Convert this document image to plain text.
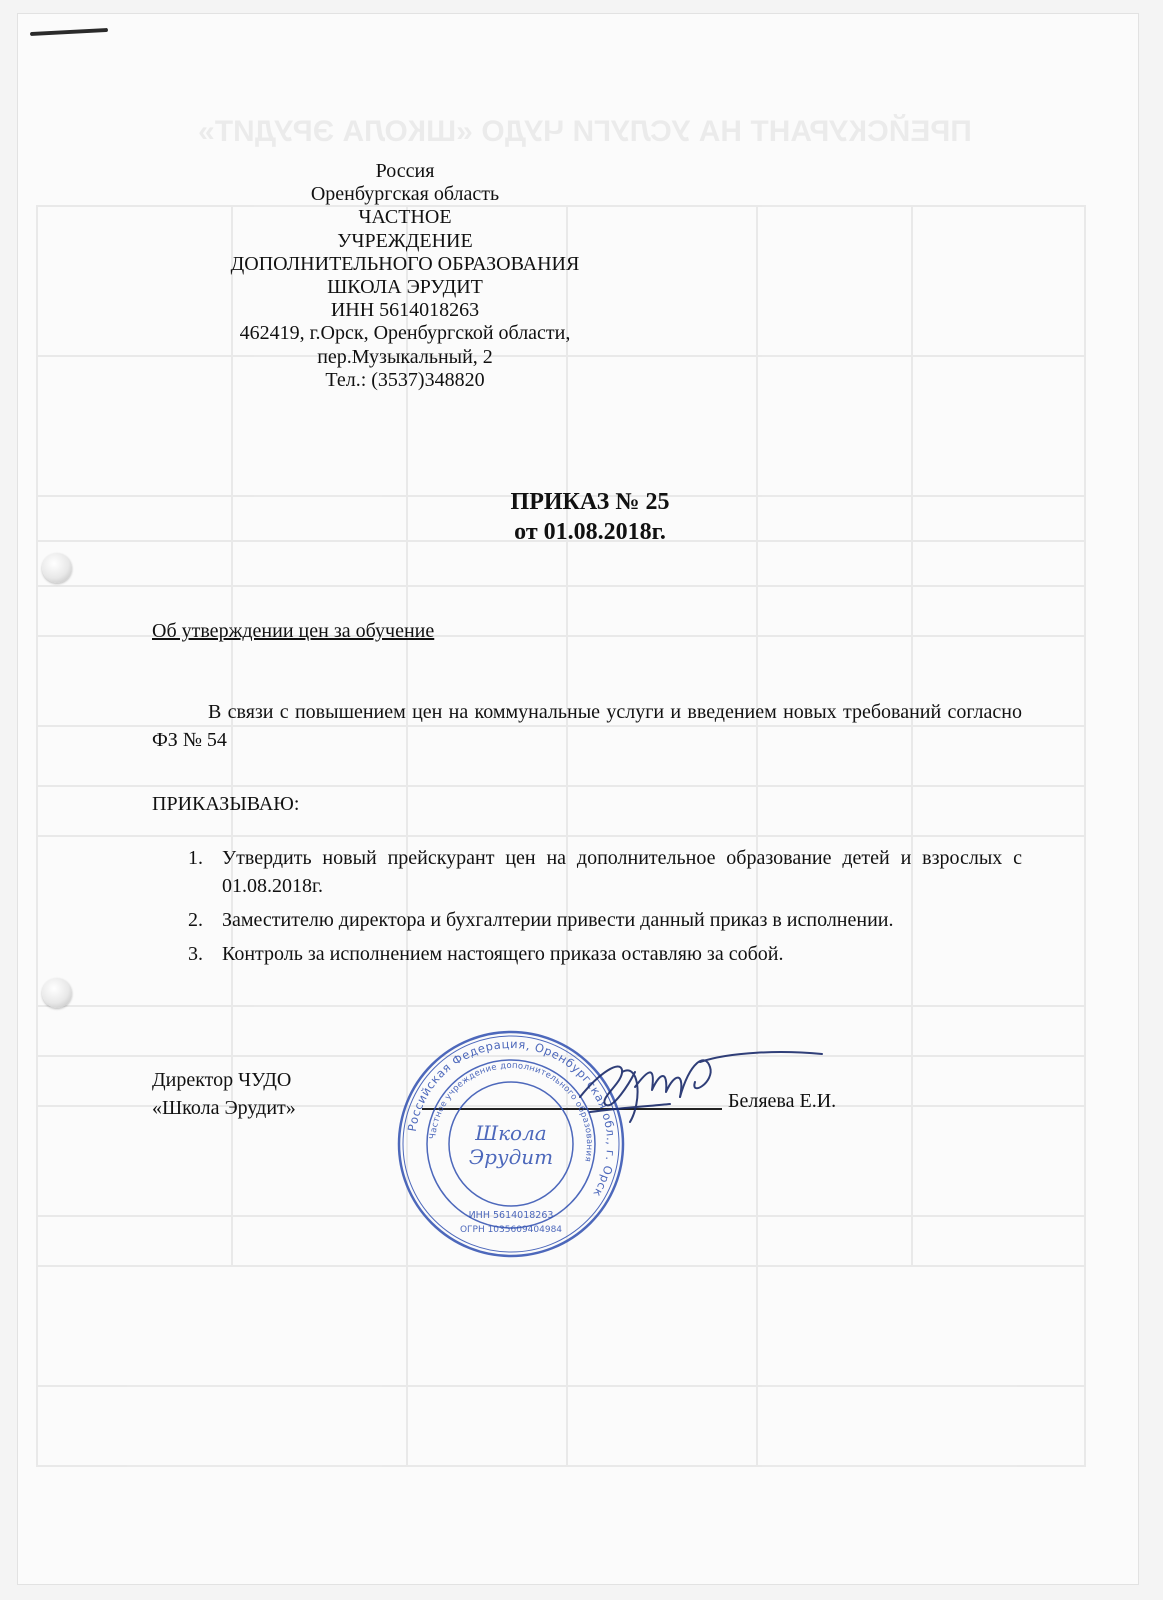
ПРЕЙСКУРАНТ НА УСЛУГИ ЧУДО «ШКОЛА ЭРУДИТ»
Россия
Оренбургская область
ЧАСТНОЕ
УЧРЕЖДЕНИЕ
ДОПОЛНИТЕЛЬНОГО ОБРАЗОВАНИЯ
ШКОЛА ЭРУДИТ
ИНН 5614018263
462419, г.Орск, Оренбургской области,
пер.Музыкальный, 2
Тел.: (3537)348820
ПРИКАЗ № 25
от 01.08.2018г.
Об утверждении цен за обучение
В связи с повышением цен на коммунальные услуги и введением новых требований согласно ФЗ № 54
ПРИКАЗЫВАЮ:
1. Утвердить новый прейскурант цен на дополнительное образование детей и взрослых с 01.08.2018г.
2. Заместителю директора и бухгалтерии привести данный приказ в исполнении.
3. Контроль за исполнением настоящего приказа оставляю за собой.
Директор ЧУДО
«Школа Эрудит»	Беляева Е.И.
Российская Федерация, Оренбургская обл., г. Орск
Частное учреждение дополнительного образования
Школа
Эрудит
ИНН 5614018263
ОГРН 1035609404984
